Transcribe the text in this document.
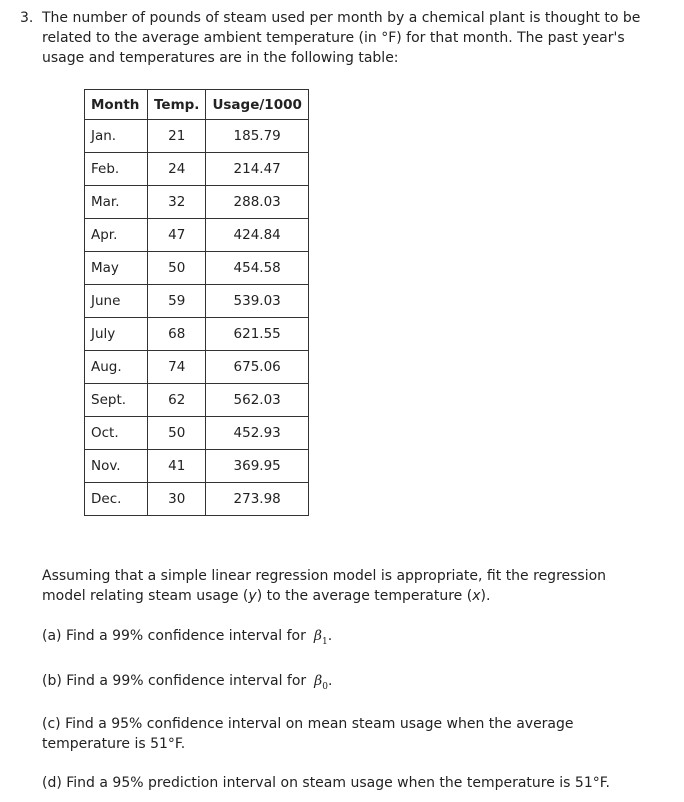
3. The number of pounds of steam used per month by a chemical plant is thought to be related to the average ambient temperature (in °F) for that month. The past year's usage and temperatures are in the following table:

Month	Temp.	Usage/1000
Jan.	21	185.79
Feb.	24	214.47
Mar.	32	288.03
Apr.	47	424.84
May	50	454.58
June	59	539.03
July	68	621.55
Aug.	74	675.06
Sept.	62	562.03
Oct.	50	452.93
Nov.	41	369.95
Dec.	30	273.98

Assuming that a simple linear regression model is appropriate, fit the regression model relating steam usage (y) to the average temperature (x).

(a) Find a 99% confidence interval for $\beta_1$.

(b) Find a 99% confidence interval for $\beta_0$.

(c) Find a 95% confidence interval on mean steam usage when the average temperature is 51°F.

(d) Find a 95% prediction interval on steam usage when the temperature is 51°F.
